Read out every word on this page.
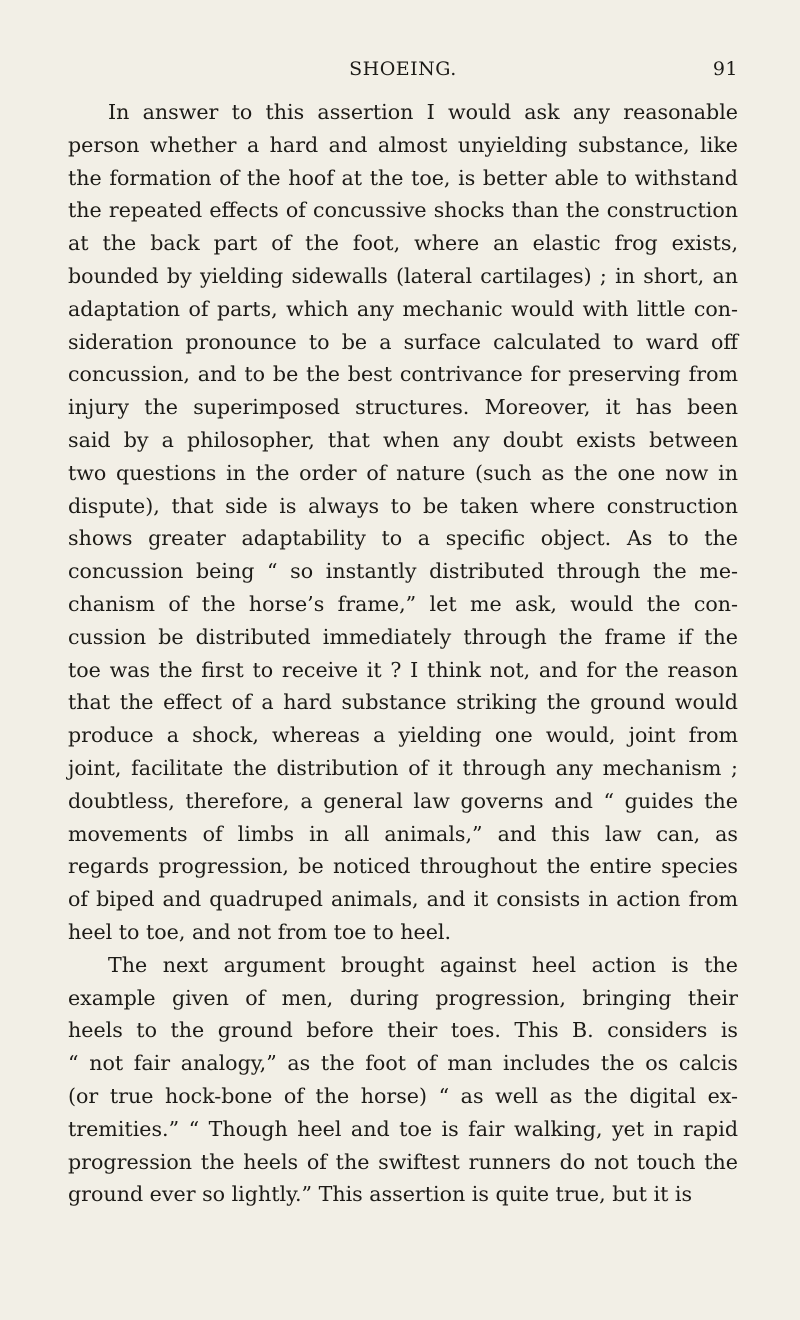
SHOEING.	91

In answer to this assertion I would ask any reasonable
person whether a hard and almost unyielding substance, like
the formation of the hoof at the toe, is better able to withstand
the repeated effects of concussive shocks than the construction
at the back part of the foot, where an elastic frog exists,
bounded by yielding sidewalls (lateral cartilages) ; in short, an
adaptation of parts, which any mechanic would with little con-
sideration pronounce to be a surface calculated to ward off
concussion, and to be the best contrivance for preserving from
injury the superimposed structures. Moreover, it has been
said by a philosopher, that when any doubt exists between
two questions in the order of nature (such as the one now in
dispute), that side is always to be taken where construction
shows greater adaptability to a specific object. As to the
concussion being “ so instantly distributed through the me-
chanism of the horse’s frame,” let me ask, would the con-
cussion be distributed immediately through the frame if the
toe was the first to receive it ? I think not, and for the reason
that the effect of a hard substance striking the ground would
produce a shock, whereas a yielding one would, joint from
joint, facilitate the distribution of it through any mechanism ;
doubtless, therefore, a general law governs and “ guides the
movements of limbs in all animals,” and this law can, as
regards progression, be noticed throughout the entire species
of biped and quadruped animals, and it consists in action from
heel to toe, and not from toe to heel.

The next argument brought against heel action is the
example given of men, during progression, bringing their
heels to the ground before their toes. This B. considers is
“ not fair analogy,” as the foot of man includes the os calcis
(or true hock-bone of the horse) “ as well as the digital ex-
tremities.” “ Though heel and toe is fair walking, yet in rapid
progression the heels of the swiftest runners do not touch the
ground ever so lightly.” This assertion is quite true, but it is
